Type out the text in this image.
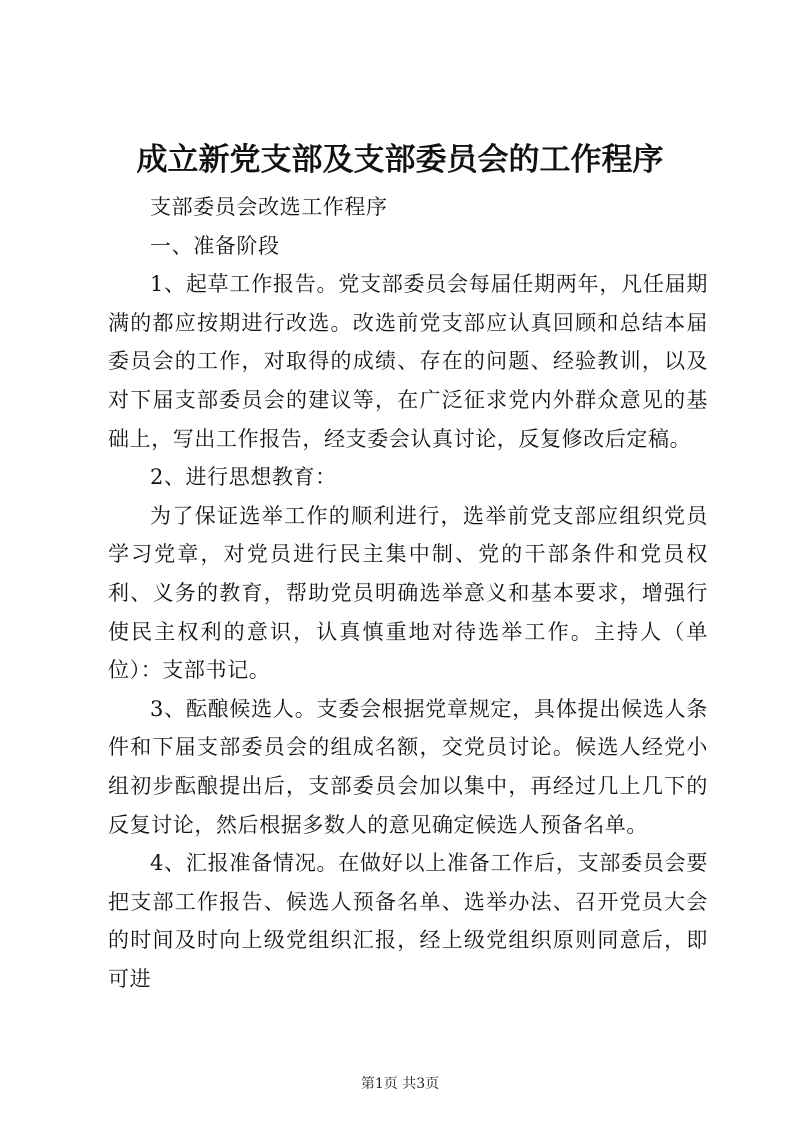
成立新党支部及支部委员会的工作程序

支部委员会改选工作程序

一、准备阶段

1、起草工作报告。党支部委员会每届任期两年，凡任届期满的都应按期进行改选。改选前党支部应认真回顾和总结本届委员会的工作，对取得的成绩、存在的问题、经验教训，以及对下届支部委员会的建议等，在广泛征求党内外群众意见的基础上，写出工作报告，经支委会认真讨论，反复修改后定稿。

2、进行思想教育：

为了保证选举工作的顺利进行，选举前党支部应组织党员学习党章，对党员进行民主集中制、党的干部条件和党员权利、义务的教育，帮助党员明确选举意义和基本要求，增强行使民主权利的意识，认真慎重地对待选举工作。主持人（单位）：支部书记。

3、酝酿候选人。支委会根据党章规定，具体提出候选人条件和下届支部委员会的组成名额，交党员讨论。候选人经党小组初步酝酿提出后，支部委员会加以集中，再经过几上几下的反复讨论，然后根据多数人的意见确定候选人预备名单。

4、汇报准备情况。在做好以上准备工作后，支部委员会要把支部工作报告、候选人预备名单、选举办法、召开党员大会的时间及时向上级党组织汇报，经上级党组织原则同意后，即可进

第1页 共3页
